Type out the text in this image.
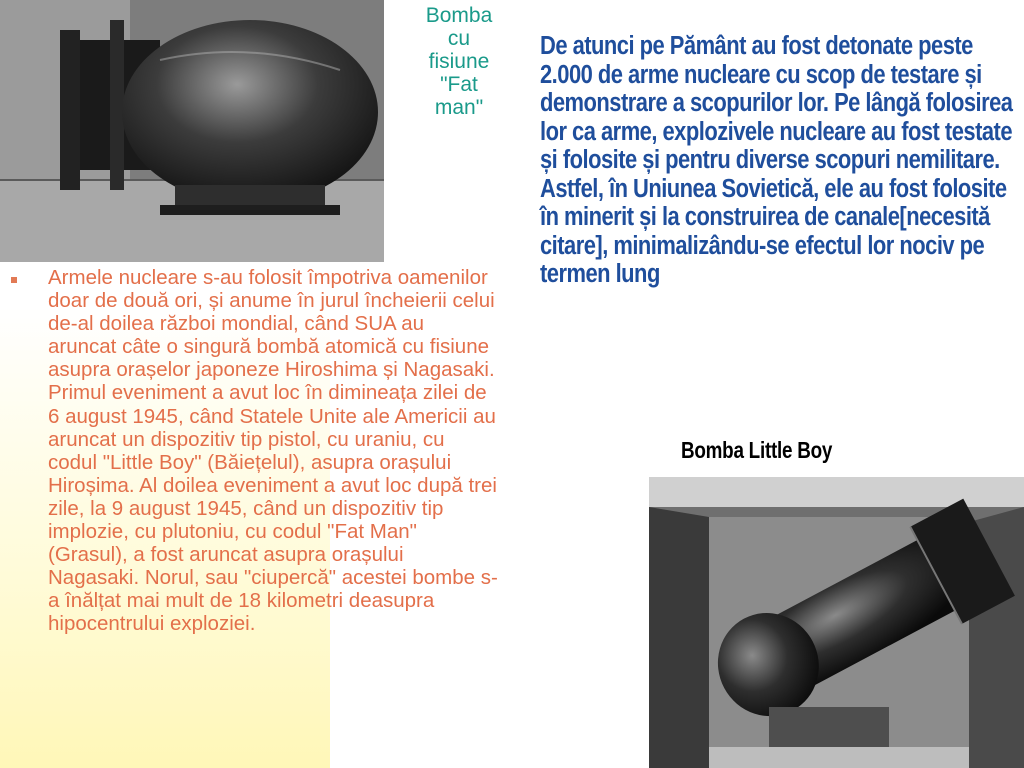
Bomba
cu
fisiune
"Fat
man"
De atunci pe Pământ au fost detonate peste 2.000 de arme nucleare cu scop de testare și demonstrare a scopurilor lor. Pe lângă folosirea lor ca arme, explozivele nucleare au fost testate și folosite și pentru diverse scopuri nemilitare. Astfel, în Uniunea Sovietică, ele au fost folosite în minerit și la construirea de canale[necesită citare], minimalizându-se efectul lor nociv pe termen lung
Bomba Little Boy
Armele nucleare s-au folosit împotriva oamenilor doar de două ori, și anume în jurul încheierii celui de-al doilea război mondial, când SUA au aruncat câte o singură bombă atomică cu fisiune asupra orașelor japoneze Hiroshima și Nagasaki. Primul eveniment a avut loc în dimineața zilei de 6 august 1945, când Statele Unite ale Americii au aruncat un dispozitiv tip pistol, cu uraniu, cu codul "Little Boy" (Băiețelul), asupra orașului Hiroșima. Al doilea eveniment a avut loc după trei zile, la 9 august 1945, când un dispozitiv tip implozie, cu plutoniu, cu codul "Fat Man" (Grasul), a fost aruncat asupra orașului Nagasaki. Norul, sau "ciupercă" acestei bombe s-a înălțat mai mult de 18 kilometri deasupra hipocentrului exploziei.
